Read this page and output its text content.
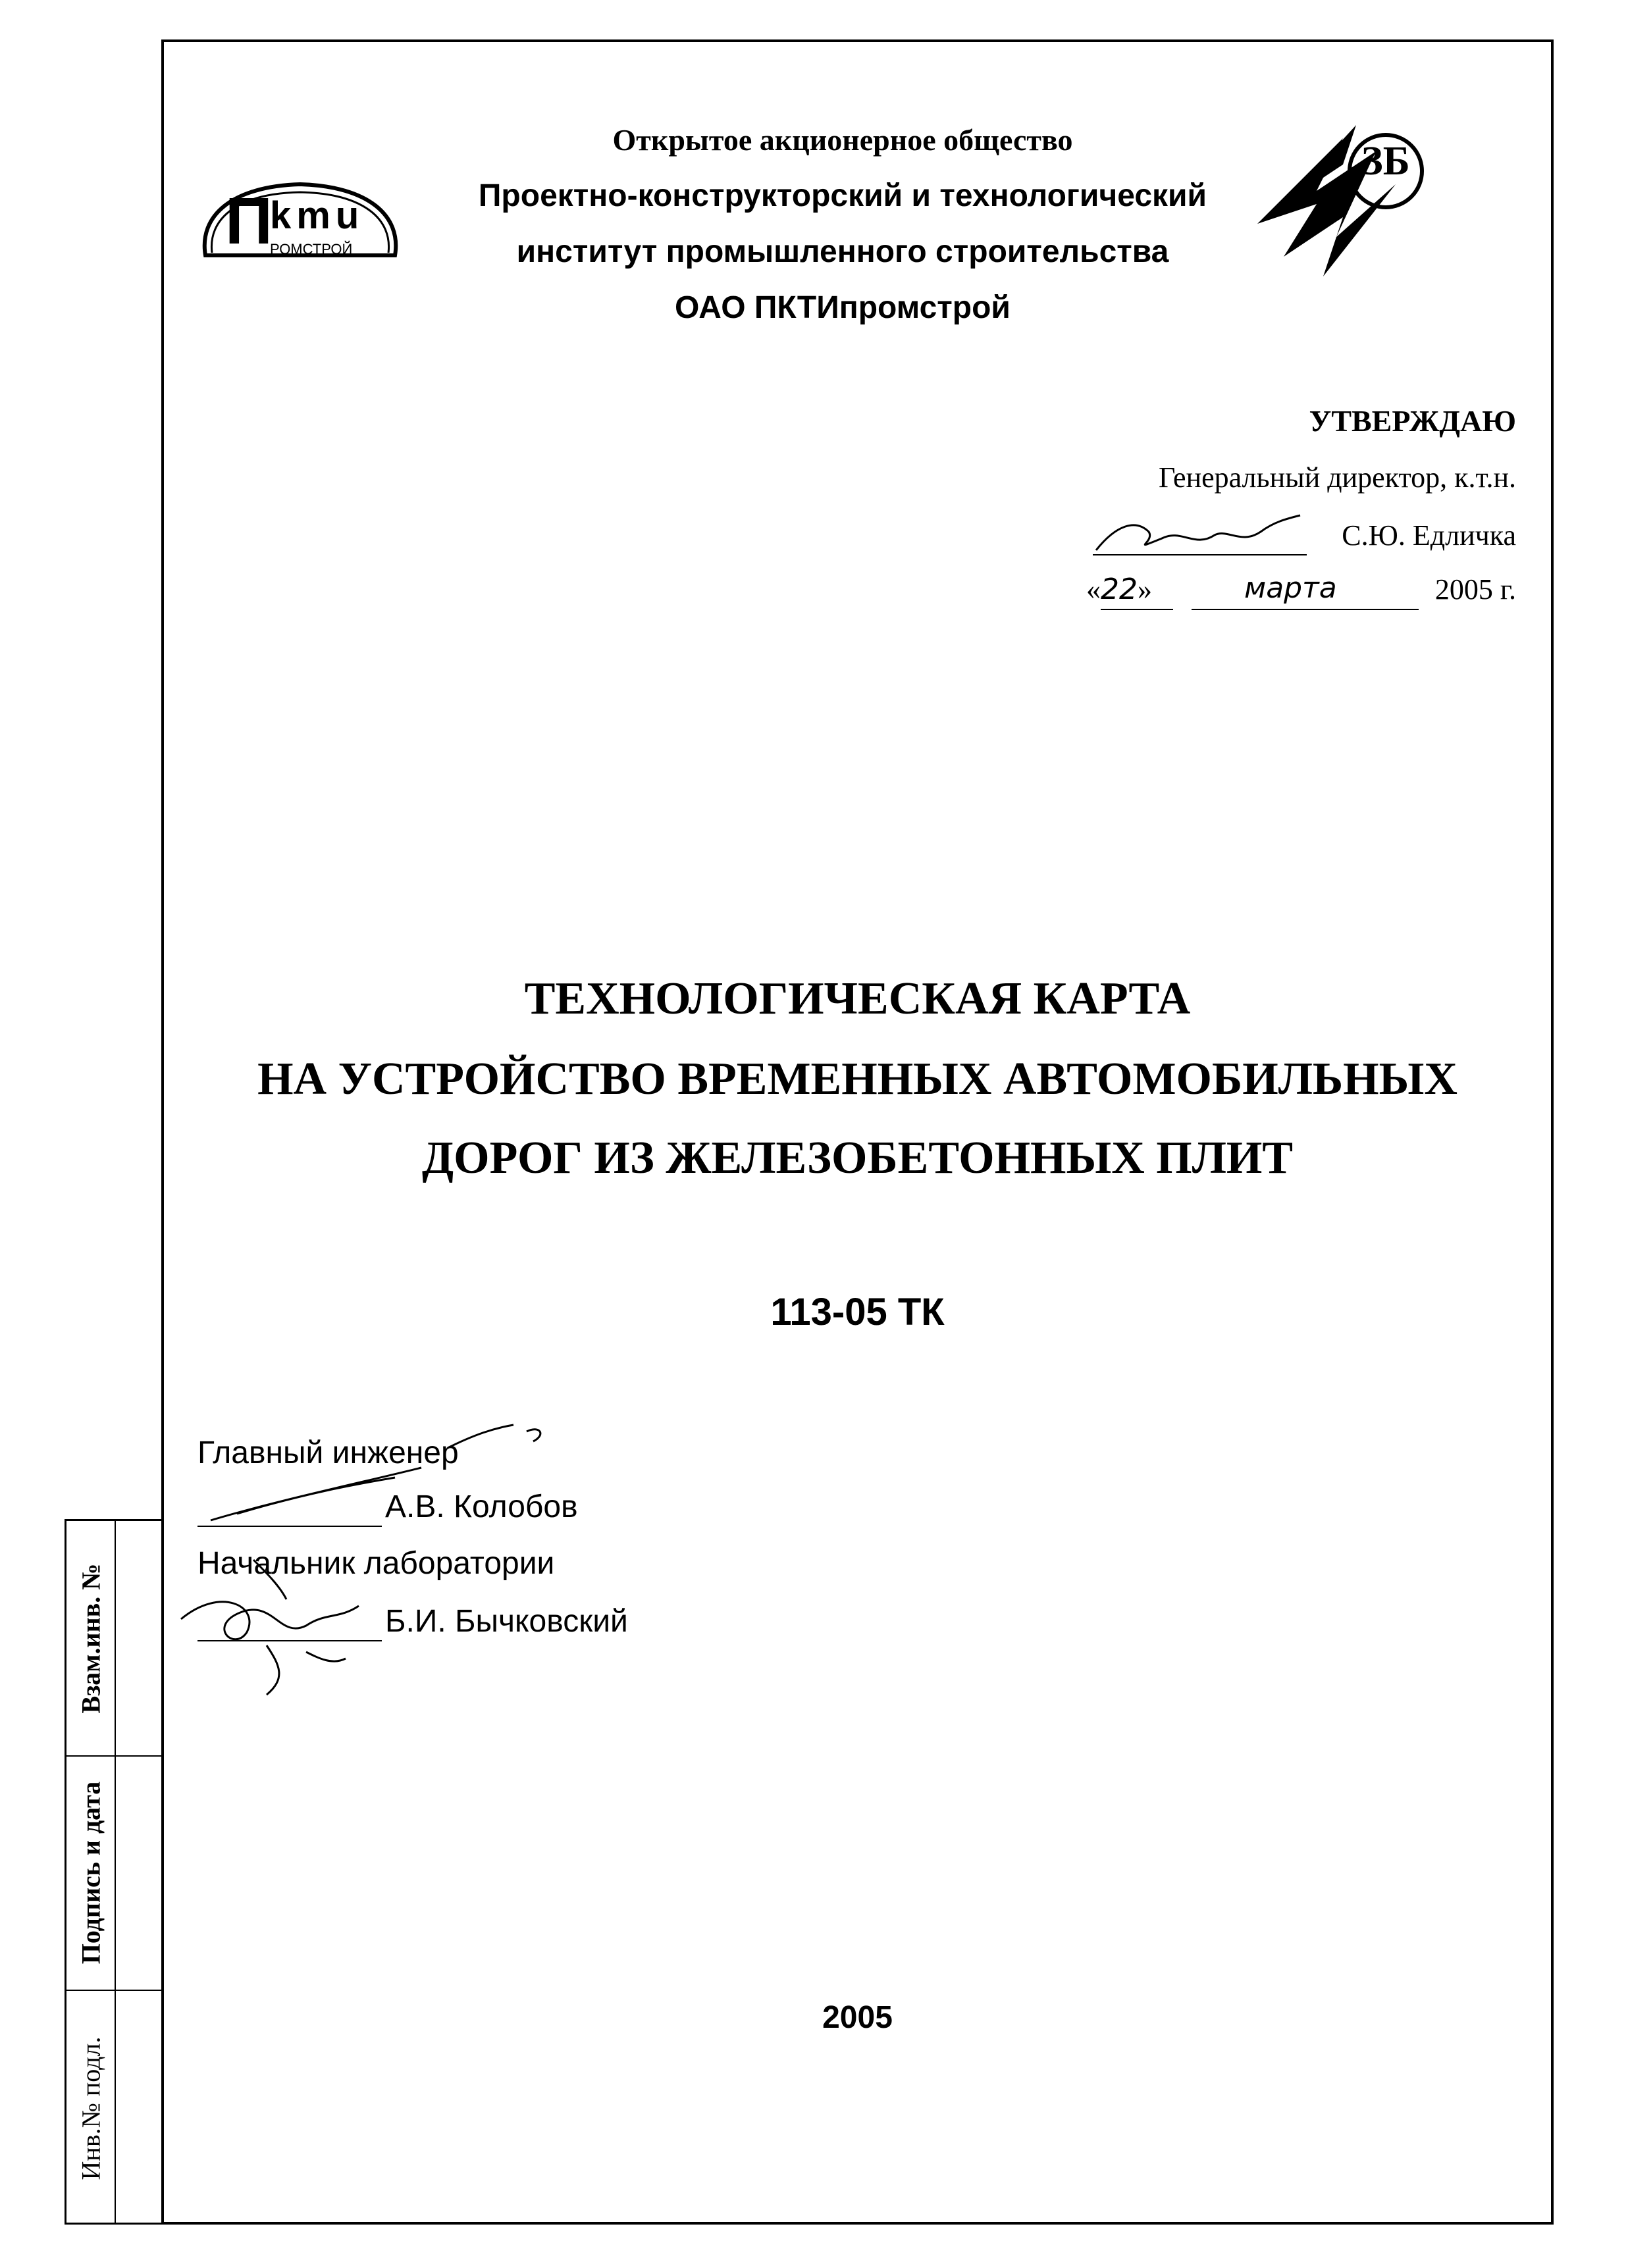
Взам.инв. №
Подпись и дата
Инв.№ подл.
П
kmu
РОМСТРОЙ
ЗБ
Открытое акционерное общество
Проектно-конструкторский и технологический
институт промышленного строительства
ОАО ПКТИпромстрой
УТВЕРЖДАЮ
Генеральный директор, к.т.н.
С.Ю. Едличка
«22»	марта	2005 г.
ТЕХНОЛОГИЧЕСКАЯ КАРТА
НА УСТРОЙСТВО ВРЕМЕННЫХ АВТОМОБИЛЬНЫХ
ДОРОГ ИЗ ЖЕЛЕЗОБЕТОННЫХ ПЛИТ
113-05 ТК
Главный инженер
А.В. Колобов
Начальник лаборатории
Б.И. Бычковский
2005
